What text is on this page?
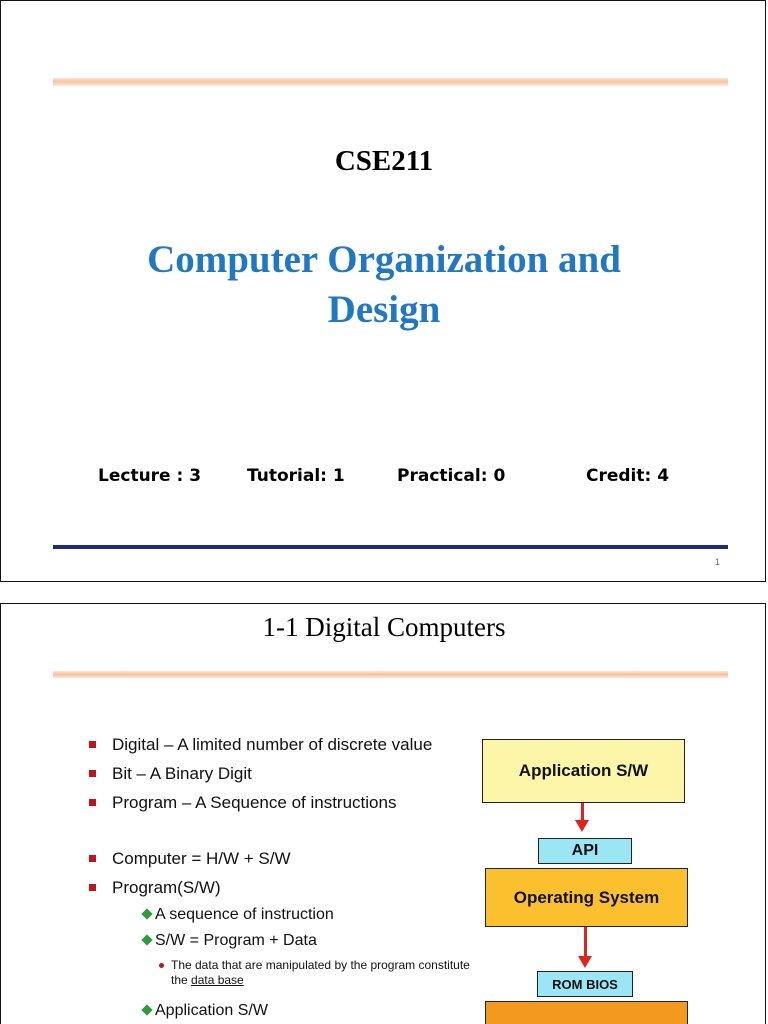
CSE211
Computer Organization and Design
Lecture : 3	Tutorial: 1	Practical: 0	Credit: 4
1
1-1 Digital Computers
Digital – A limited number of discrete value
Bit – A Binary Digit
Program – A Sequence of instructions
Computer = H/W + S/W
Program(S/W)
A sequence of instruction
S/W = Program + Data
The data that are manipulated by the program constitute the data base
Application S/W
Application S/W
API
Operating System
ROM BIOS
